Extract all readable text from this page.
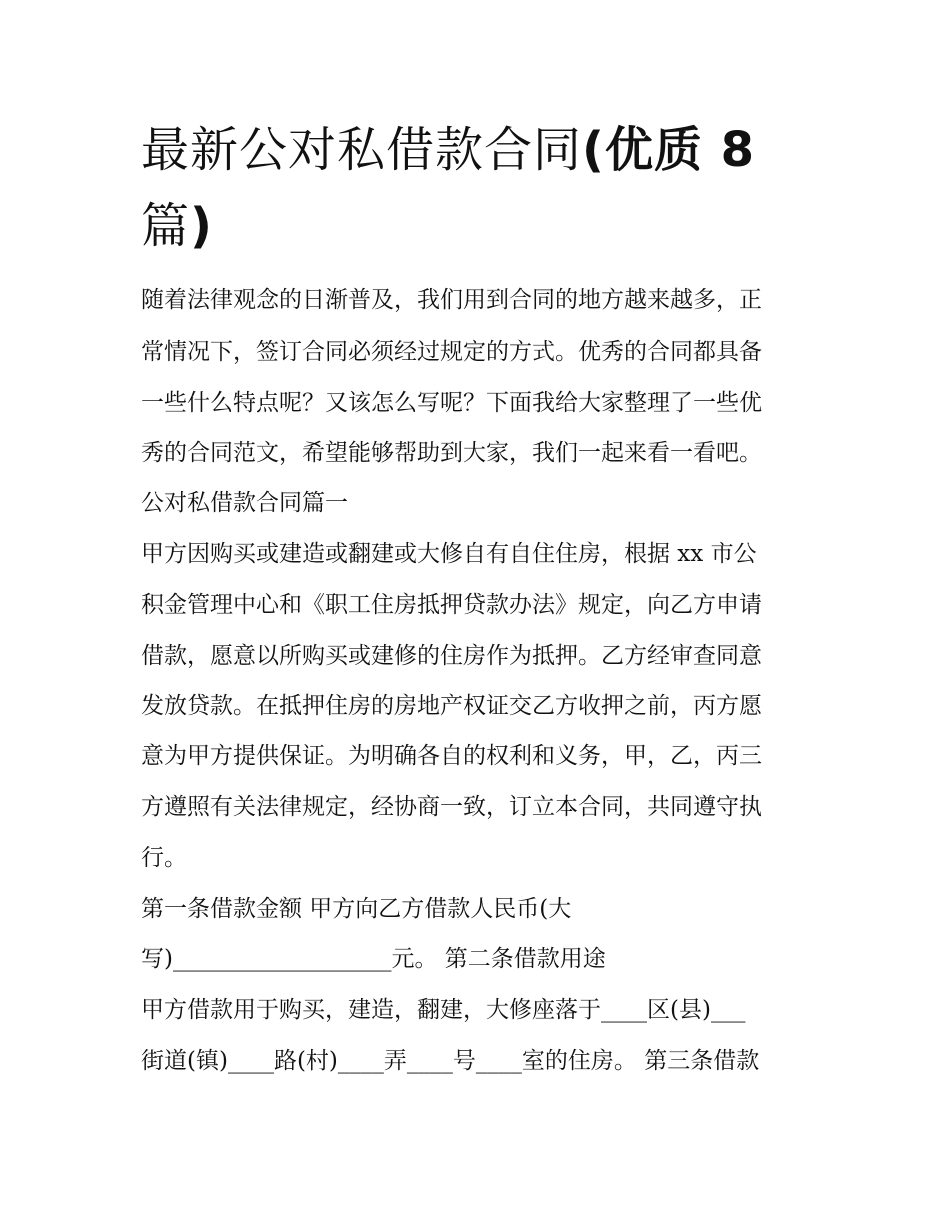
最新公对私借款合同(优质 8
篇)
随着法律观念的日渐普及，我们用到合同的地方越来越多，正
常情况下，签订合同必须经过规定的方式。优秀的合同都具备
一些什么特点呢？又该怎么写呢？下面我给大家整理了一些优
秀的合同范文，希望能够帮助到大家，我们一起来看一看吧。
公对私借款合同篇一
甲方因购买或建造或翻建或大修自有自住住房，根据 xx 市公
积金管理中心和《职工住房抵押贷款办法》规定，向乙方申请
借款，愿意以所购买或建修的住房作为抵押。乙方经审查同意
发放贷款。在抵押住房的房地产权证交乙方收押之前，丙方愿
意为甲方提供保证。为明确各自的权利和义务，甲，乙，丙三
方遵照有关法律规定，经协商一致，订立本合同，共同遵守执
行。
第一条借款金额 甲方向乙方借款人民币(大
写)___________________元。 第二条借款用途
甲方借款用于购买，建造，翻建，大修座落于____区(县)___
街道(镇)____路(村)____弄____号____室的住房。 第三条借款
